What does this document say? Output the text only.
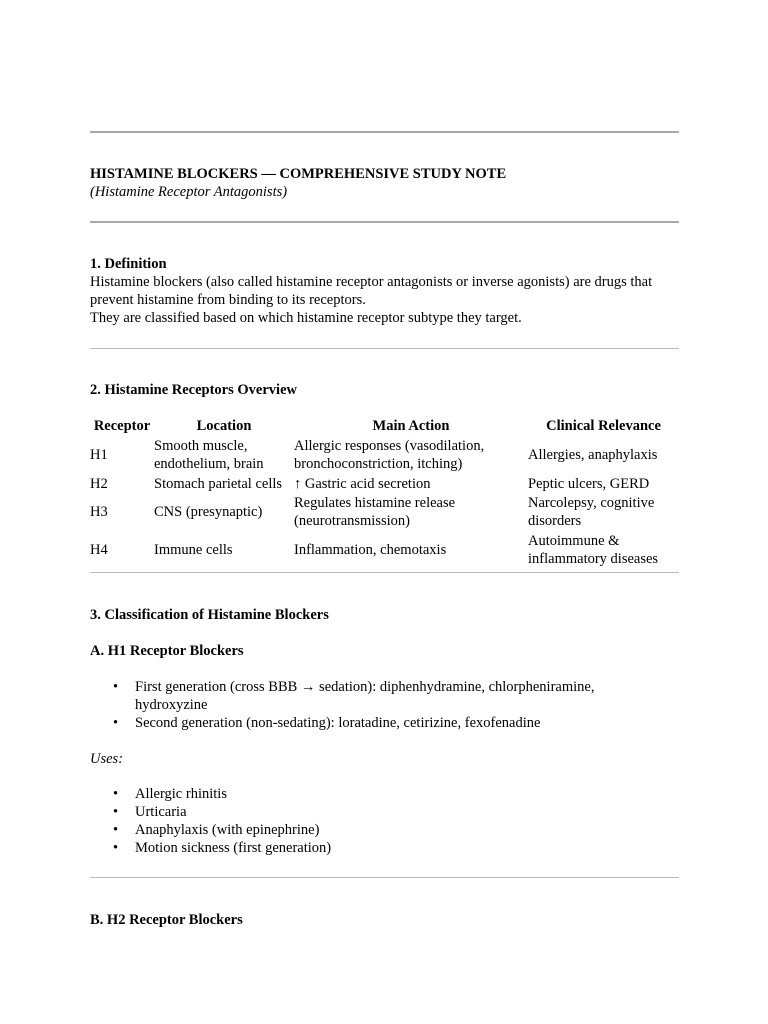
HISTAMINE BLOCKERS — COMPREHENSIVE STUDY NOTE

(Histamine Receptor Antagonists)

1. Definition

Histamine blockers (also called histamine receptor antagonists or inverse agonists) are drugs that

prevent histamine from binding to its receptors.

They are classified based on which histamine receptor subtype they target.

2. Histamine Receptors Overview

Receptor	Location	Main Action	Clinical Relevance
H1	Smooth muscle, endothelium, brain	Allergic responses (vasodilation, bronchoconstriction, itching)	Allergies, anaphylaxis
H2	Stomach parietal cells	↑ Gastric acid secretion	Peptic ulcers, GERD
H3	CNS (presynaptic)	Regulates histamine release (neurotransmission)	Narcolepsy, cognitive disorders
H4	Immune cells	Inflammation, chemotaxis	Autoimmune & inflammatory diseases

3. Classification of Histamine Blockers

A. H1 Receptor Blockers

• First generation (cross BBB → sedation): diphenhydramine, chlorpheniramine, hydroxyzine
• Second generation (non-sedating): loratadine, cetirizine, fexofenadine

Uses:

• Allergic rhinitis
• Urticaria
• Anaphylaxis (with epinephrine)
• Motion sickness (first generation)

B. H2 Receptor Blockers
